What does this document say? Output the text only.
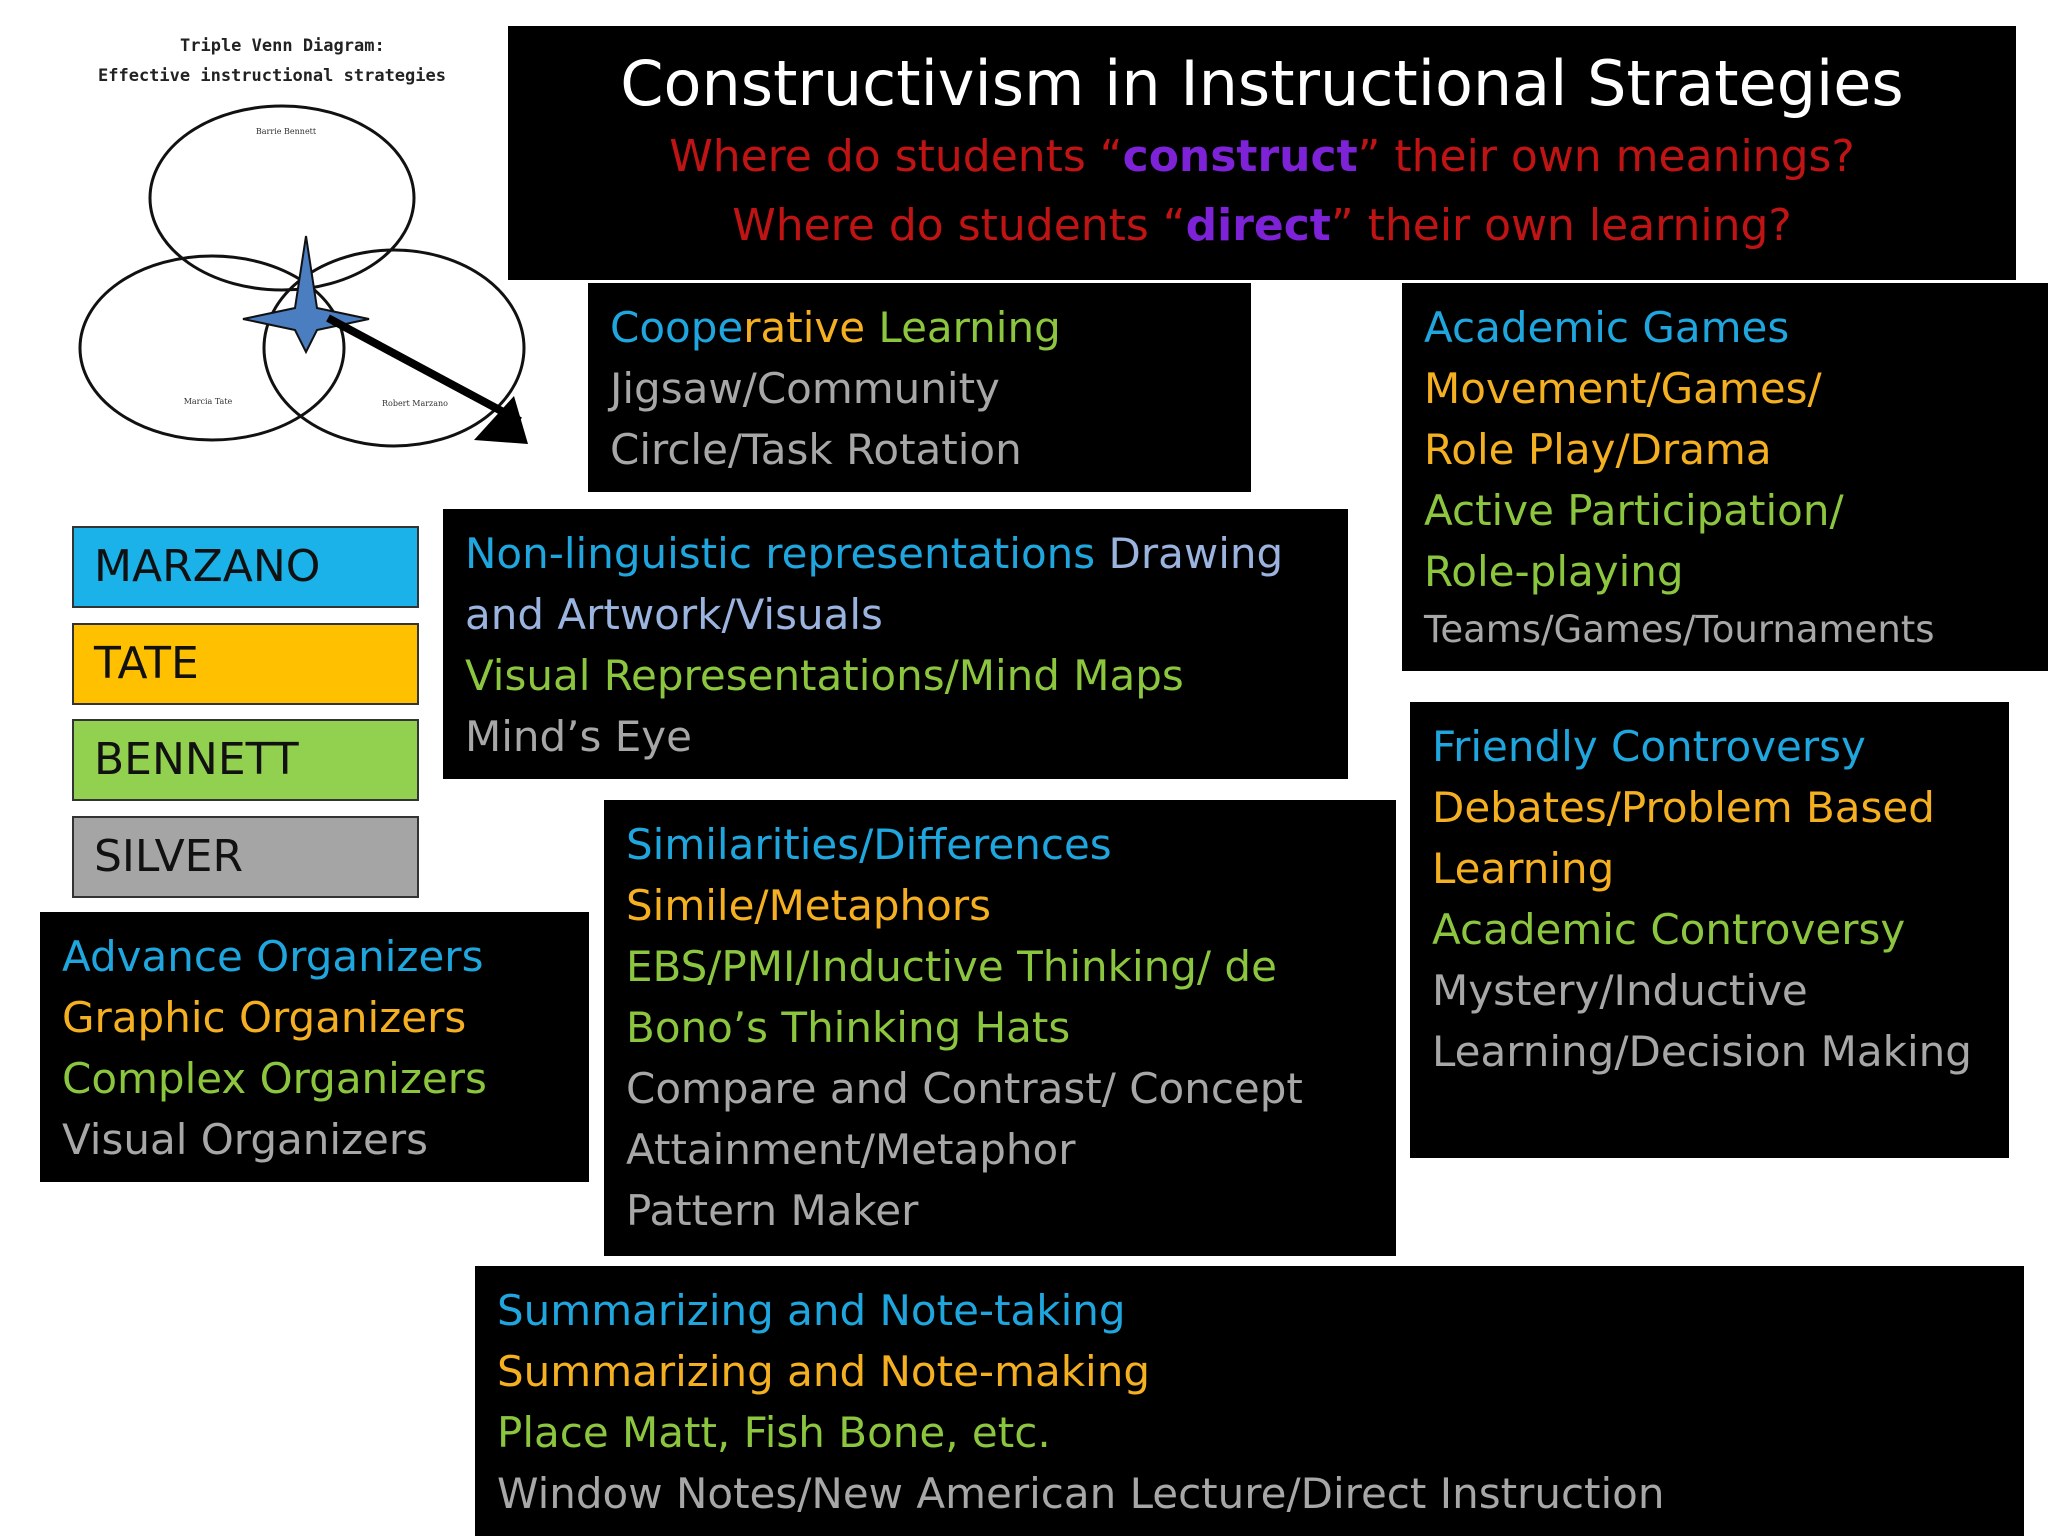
Triple Venn Diagram:
Effective instructional strategies
Barrie Bennett
Marcia Tate	Robert Marzano
Constructivism in Instructional Strategies
Where do students “construct” their own meanings?
Where do students “direct” their own learning?
MARZANO
TATE
BENNETT
SILVER
Cooperative Learning
Jigsaw/Community
Circle/Task Rotation
Academic Games
Movement/Games/
Role Play/Drama
Active Participation/
Role-playing
Teams/Games/Tournaments
Non-linguistic representations Drawing
and Artwork/Visuals
Visual Representations/Mind Maps
Mind’s Eye	Friendly Controversy
Debates/Problem Based
Learning
Academic Controversy
Mystery/Inductive
Learning/Decision Making
Similarities/Differences
Simile/Metaphors
EBS/PMI/Inductive Thinking/ de
Bono’s Thinking Hats
Compare and Contrast/ Concept
Attainment/Metaphor
Pattern Maker
Advance Organizers
Graphic Organizers
Complex Organizers
Visual Organizers
Summarizing and Note-taking
Summarizing and Note-making
Place Matt, Fish Bone, etc.
Window Notes/New American Lecture/Direct Instruction
